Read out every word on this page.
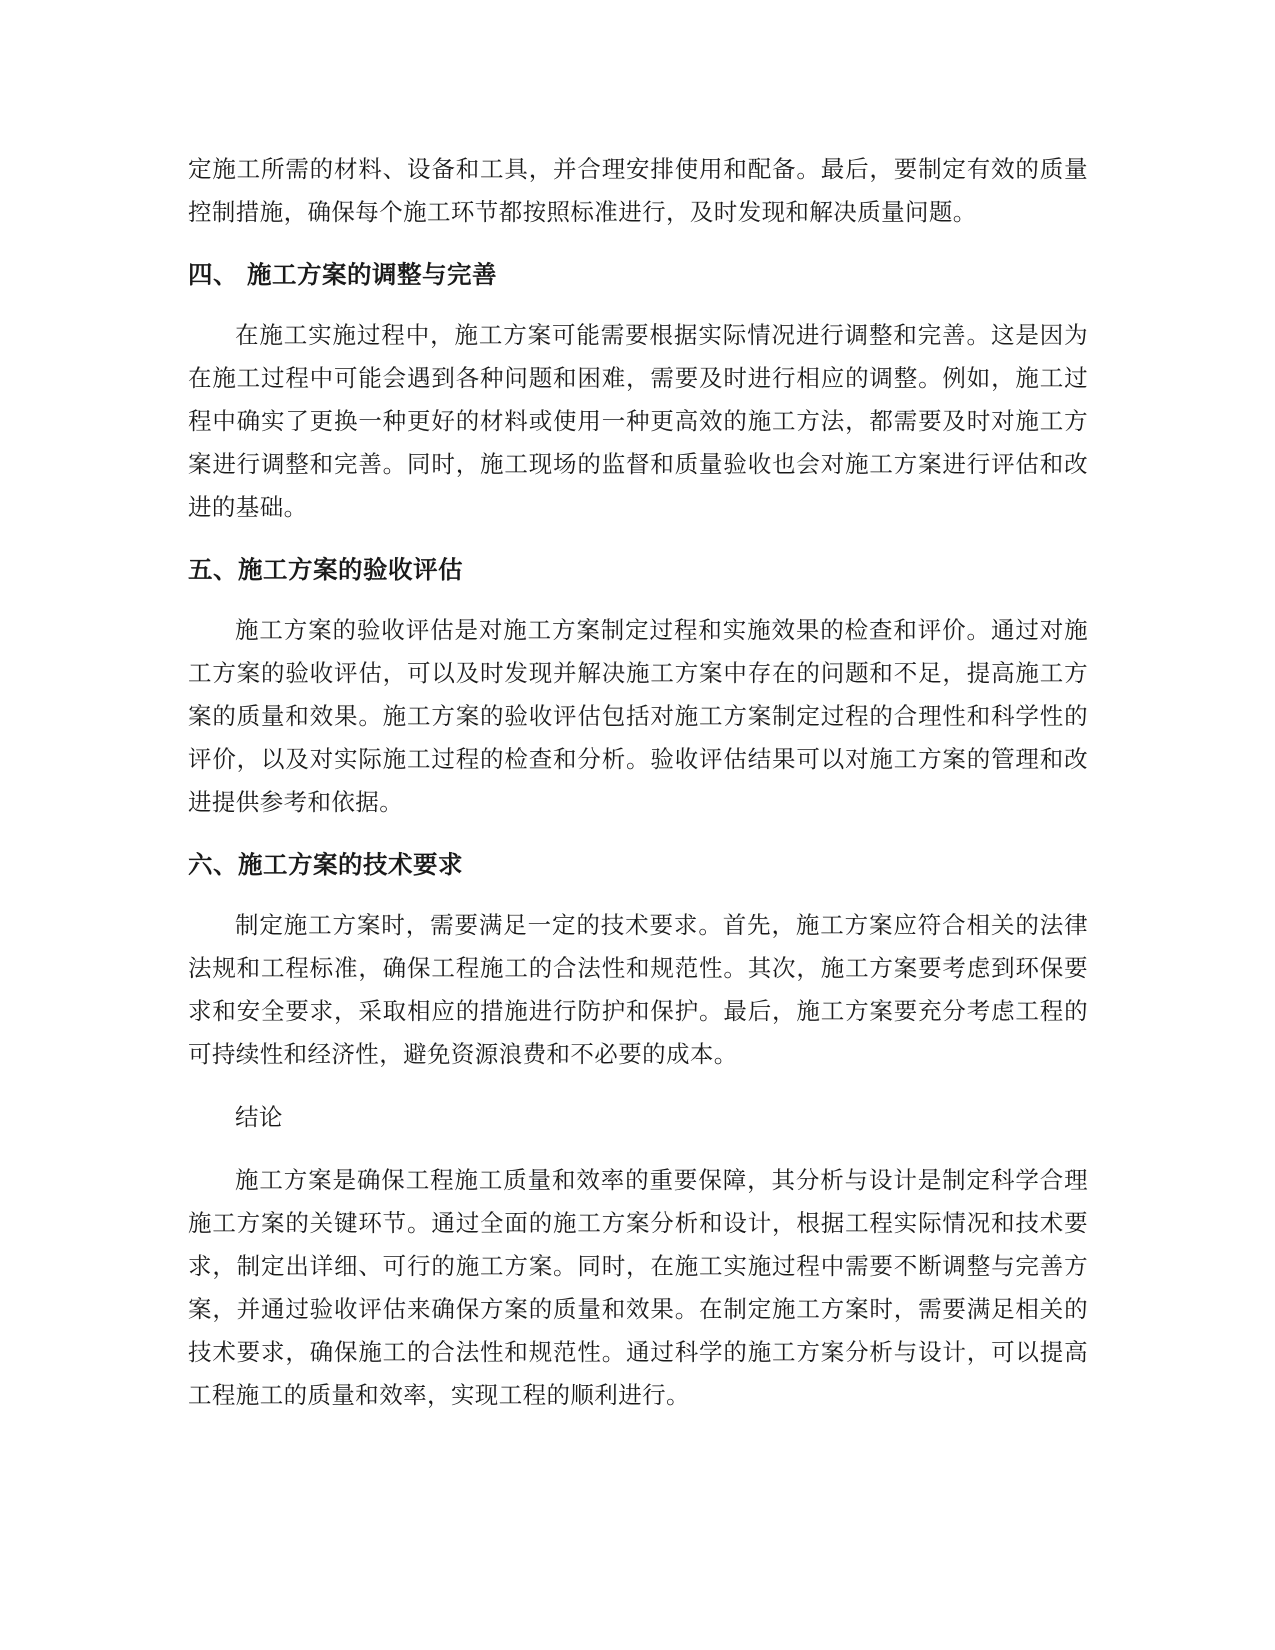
定施工所需的材料、设备和工具，并合理安排使用和配备。最后，要制定有效的质量控制措施，确保每个施工环节都按照标准进行，及时发现和解决质量问题。

四、 施工方案的调整与完善

在施工实施过程中，施工方案可能需要根据实际情况进行调整和完善。这是因为在施工过程中可能会遇到各种问题和困难，需要及时进行相应的调整。例如，施工过程中确实了更换一种更好的材料或使用一种更高效的施工方法，都需要及时对施工方案进行调整和完善。同时，施工现场的监督和质量验收也会对施工方案进行评估和改进的基础。

五、施工方案的验收评估

施工方案的验收评估是对施工方案制定过程和实施效果的检查和评价。通过对施工方案的验收评估，可以及时发现并解决施工方案中存在的问题和不足，提高施工方案的质量和效果。施工方案的验收评估包括对施工方案制定过程的合理性和科学性的评价，以及对实际施工过程的检查和分析。验收评估结果可以对施工方案的管理和改进提供参考和依据。

六、施工方案的技术要求

制定施工方案时，需要满足一定的技术要求。首先，施工方案应符合相关的法律法规和工程标准，确保工程施工的合法性和规范性。其次，施工方案要考虑到环保要求和安全要求，采取相应的措施进行防护和保护。最后，施工方案要充分考虑工程的可持续性和经济性，避免资源浪费和不必要的成本。

结论

施工方案是确保工程施工质量和效率的重要保障，其分析与设计是制定科学合理施工方案的关键环节。通过全面的施工方案分析和设计，根据工程实际情况和技术要求，制定出详细、可行的施工方案。同时，在施工实施过程中需要不断调整与完善方案，并通过验收评估来确保方案的质量和效果。在制定施工方案时，需要满足相关的技术要求，确保施工的合法性和规范性。通过科学的施工方案分析与设计，可以提高工程施工的质量和效率，实现工程的顺利进行。
